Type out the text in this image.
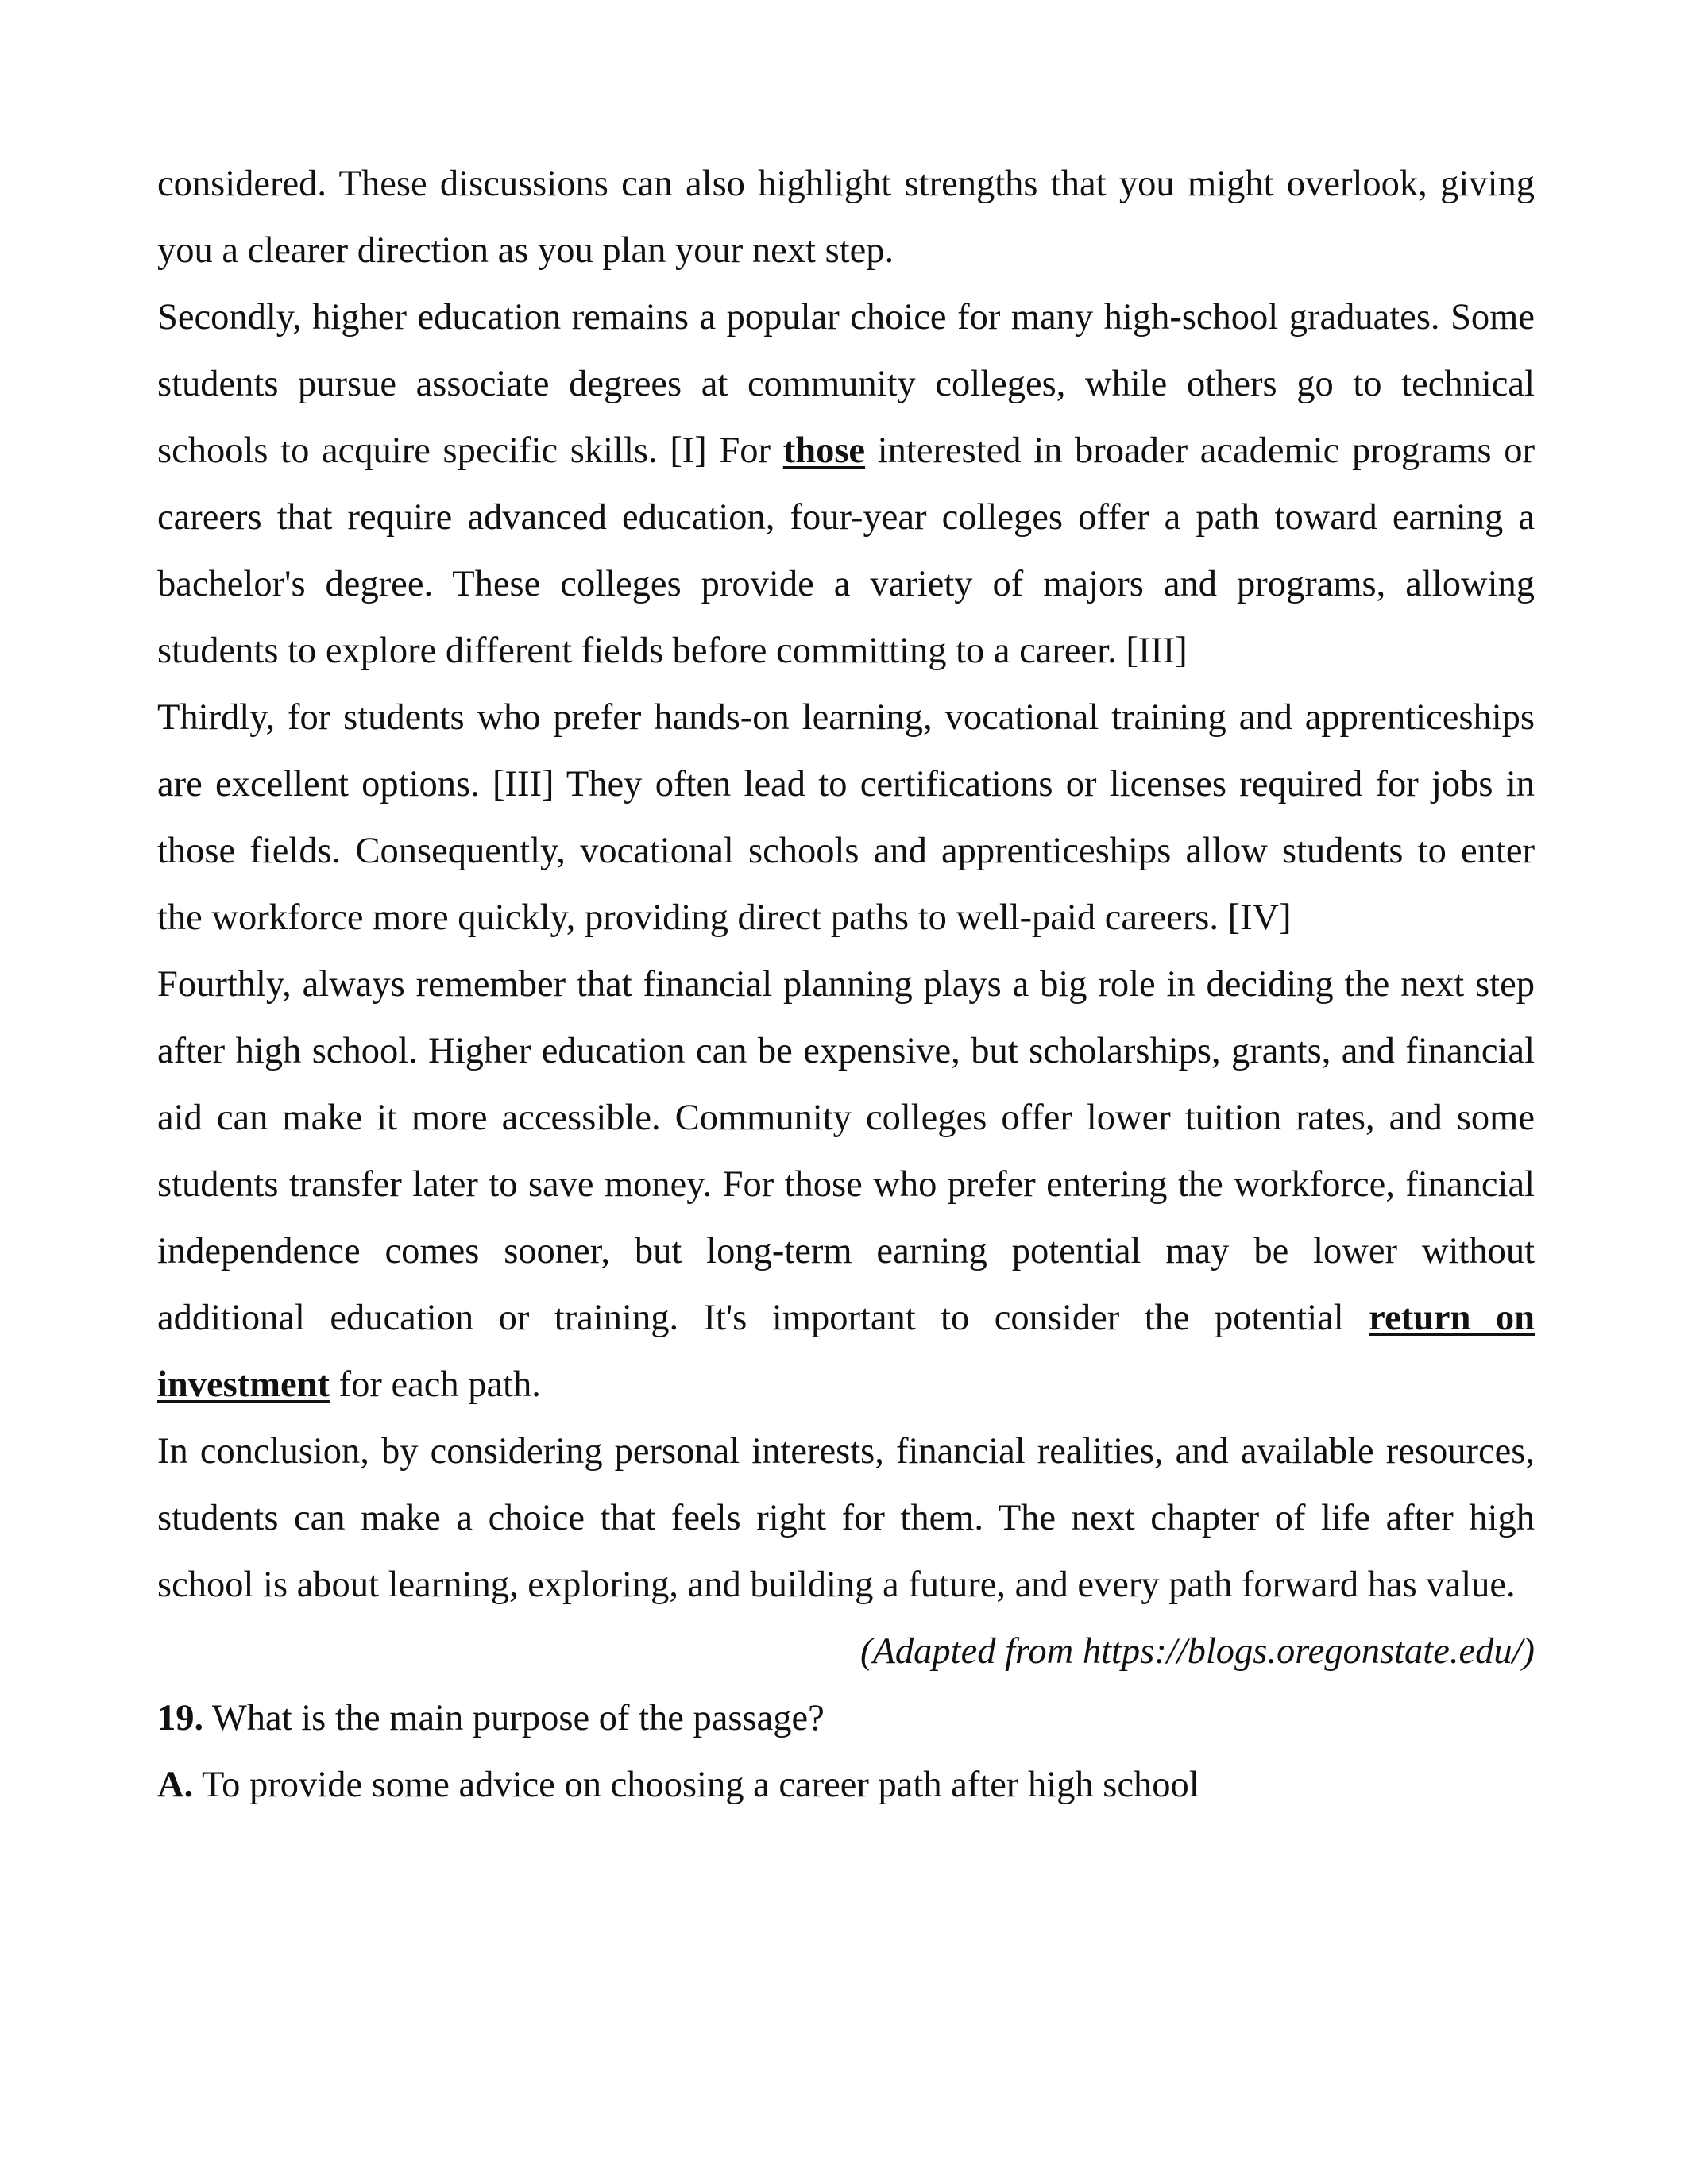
considered. These discussions can also highlight strengths that you might overlook, giving you a clearer direction as you plan your next step.

Secondly, higher education remains a popular choice for many high-school graduates. Some students pursue associate degrees at community colleges, while others go to technical schools to acquire specific skills. [I] For those interested in broader academic programs or careers that require advanced education, four-year colleges offer a path toward earning a bachelor's degree. These colleges provide a variety of majors and programs, allowing students to explore different fields before committing to a career. [III]

Thirdly, for students who prefer hands-on learning, vocational training and apprenticeships are excellent options. [III] They often lead to certifications or licenses required for jobs in those fields. Consequently, vocational schools and apprenticeships allow students to enter the workforce more quickly, providing direct paths to well-paid careers. [IV]

Fourthly, always remember that financial planning plays a big role in deciding the next step after high school. Higher education can be expensive, but scholarships, grants, and financial aid can make it more accessible. Community colleges offer lower tuition rates, and some students transfer later to save money. For those who prefer entering the workforce, financial independence comes sooner, but long-term earning potential may be lower without additional education or training. It's important to consider the potential return on investment for each path.

In conclusion, by considering personal interests, financial realities, and available resources, students can make a choice that feels right for them. The next chapter of life after high school is about learning, exploring, and building a future, and every path forward has value.

(Adapted from https://blogs.oregonstate.edu/)

19. What is the main purpose of the passage?

A. To provide some advice on choosing a career path after high school
